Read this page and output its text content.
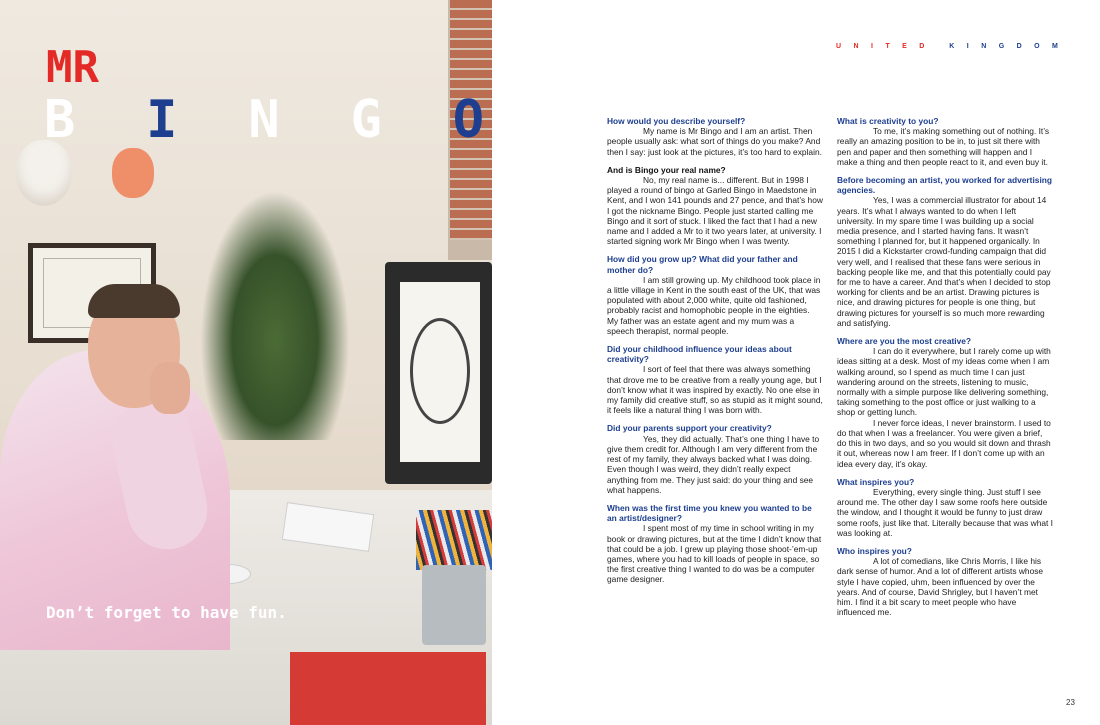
MR

B I N G O

Don’t forget to have fun.

U N I T E D	K I N G D O M

How would you describe yourself?

My name is Mr Bingo and I am an artist. Then people usually ask: what sort of things do you make? And then I say: just look at the pictures, it’s too hard to explain.

And is Bingo your real name?

No, my real name is... different. But in 1998 I played a round of bingo at Garled Bingo in Maedstone in Kent, and I won 141 pounds and 27 pence, and that’s how I got the nickname Bingo. People just started calling me Bingo and it sort of stuck. I liked the fact that I had a new name and I added a Mr to it two years later, at university. I started signing work Mr Bingo when I was twenty.

How did you grow up? What did your father and mother do?

I am still growing up. My childhood took place in a little village in Kent in the south east of the UK, that was populated with about 2,000 white, quite old fashioned, probably racist and homophobic people in the eighties. My father was an estate agent and my mum was a speech therapist, normal people.

Did your childhood influence your ideas about creativity?

I sort of feel that there was always something that drove me to be creative from a really young age, but I don’t know what it was inspired by exactly. No one else in my family did creative stuff, so as stupid as it might sound, it feels like a natural thing I was born with.

Did your parents support your creativity?

Yes, they did actually. That’s one thing I have to give them credit for. Although I am very different from the rest of my family, they always backed what I was doing. Even though I was weird, they didn’t really expect anything from me. They just said: do your thing and see what happens.

When was the first time you knew you wanted to be an artist/designer?

I spent most of my time in school writing in my book or drawing pictures, but at the time I didn’t know that that could be a job. I grew up playing those shoot-’em-up games, where you had to kill loads of people in space, so the first creative thing I wanted to do was be a computer game designer.

What is creativity to you?

To me, it’s making something out of nothing. It’s really an amazing position to be in, to just sit there with pen and paper and then something will happen and I make a thing and then people react to it, and even buy it.

Before becoming an artist, you worked for advertising agencies.

Yes, I was a commercial illustrator for about 14 years. It’s what I always wanted to do when I left university. In my spare time I was building up a social media presence, and I started having fans. It wasn’t something I planned for, but it happened organically. In 2015 I did a Kickstarter crowd-funding campaign that did very well, and I realised that these fans were serious in backing people like me, and that this potentially could pay for me to have a career. And that’s when I decided to stop working for clients and be an artist. Drawing pictures is nice, and drawing pictures for people is one thing, but drawing pictures for yourself is so much more rewarding and satisfying.

Where are you the most creative?

I can do it everywhere, but I rarely come up with ideas sitting at a desk. Most of my ideas come when I am walking around, so I spend as much time I can just wandering around on the streets, listening to music, normally with a simple purpose like delivering something, taking something to the post office or just walking to a shop or getting lunch.

I never force ideas, I never brainstorm. I used to do that when I was a freelancer. You were given a brief, do this in two days, and so you would sit down and thrash it out, whereas now I am freer. If I don’t come up with an idea every day, it’s okay.

What inspires you?

Everything, every single thing. Just stuff I see around me. The other day I saw some roofs here outside the window, and I thought it would be funny to just draw some roofs, just like that. Literally because that was what I was looking at.

Who inspires you?

A lot of comedians, like Chris Morris, I like his dark sense of humor. And a lot of different artists whose style I have copied, uhm, been influenced by over the years. And of course, David Shrigley, but I haven’t met him. I find it a bit scary to meet people who have influenced me.

23
